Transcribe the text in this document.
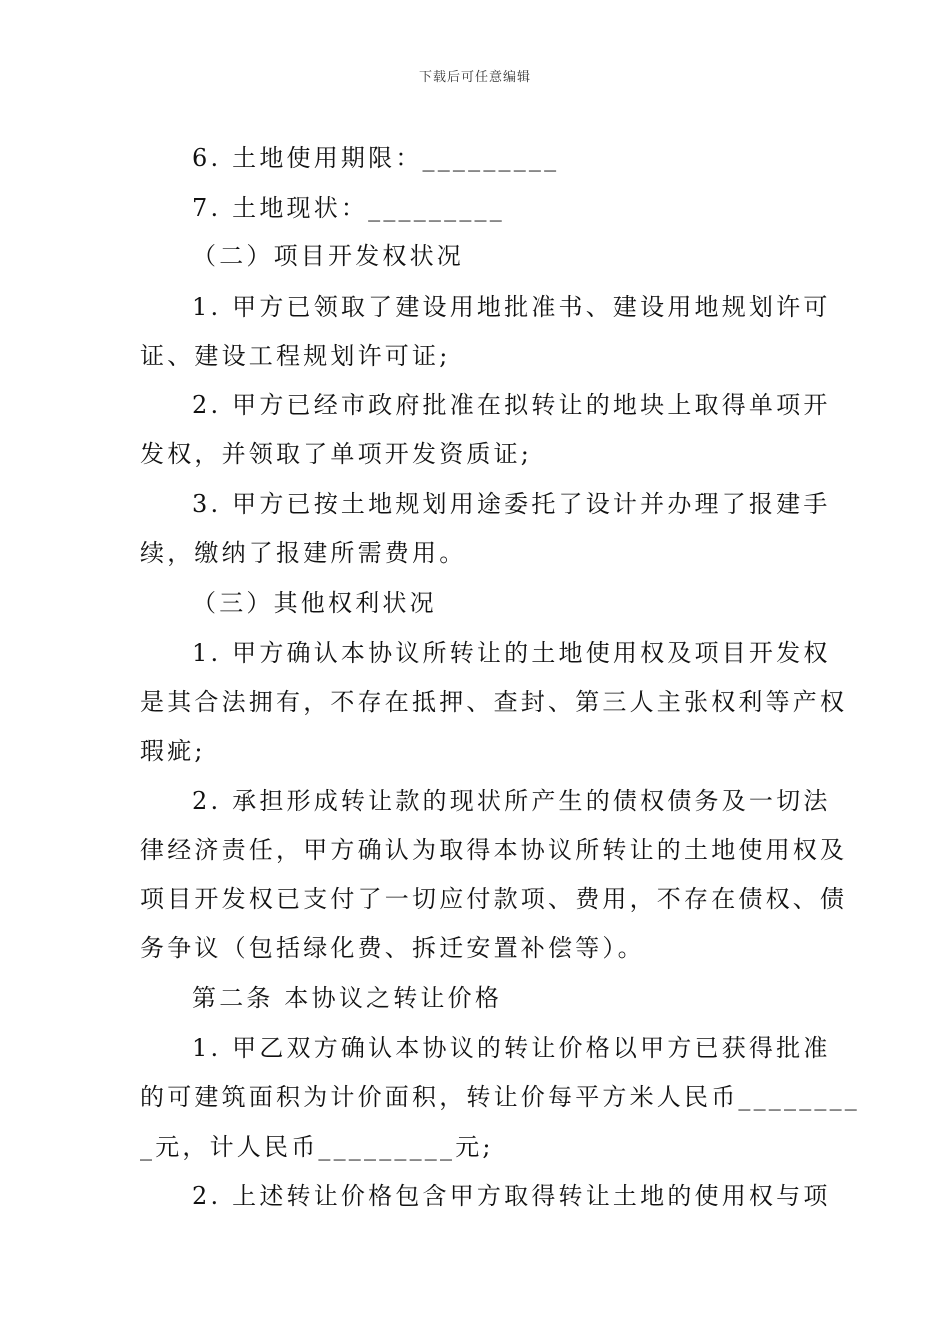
下载后可任意编辑
6. 土地使用期限：_________
7. 土地现状：_________
（二）项目开发权状况
1. 甲方已领取了建设用地批准书、建设用地规划许可
证、建设工程规划许可证;
2. 甲方已经市政府批准在拟转让的地块上取得单项开
发权，并领取了单项开发资质证;
3. 甲方已按土地规划用途委托了设计并办理了报建手
续，缴纳了报建所需费用。
（三）其他权利状况
1. 甲方确认本协议所转让的土地使用权及项目开发权
是其合法拥有，不存在抵押、查封、第三人主张权利等产权
瑕疵;
2. 承担形成转让款的现状所产生的债权债务及一切法
律经济责任，甲方确认为取得本协议所转让的土地使用权及
项目开发权已支付了一切应付款项、费用，不存在债权、债
务争议（包括绿化费、拆迁安置补偿等）。
第二条 本协议之转让价格
1. 甲乙双方确认本协议的转让价格以甲方已获得批准
的可建筑面积为计价面积，转让价每平方米人民币________
_元，计人民币_________元;
2. 上述转让价格包含甲方取得转让土地的使用权与项
